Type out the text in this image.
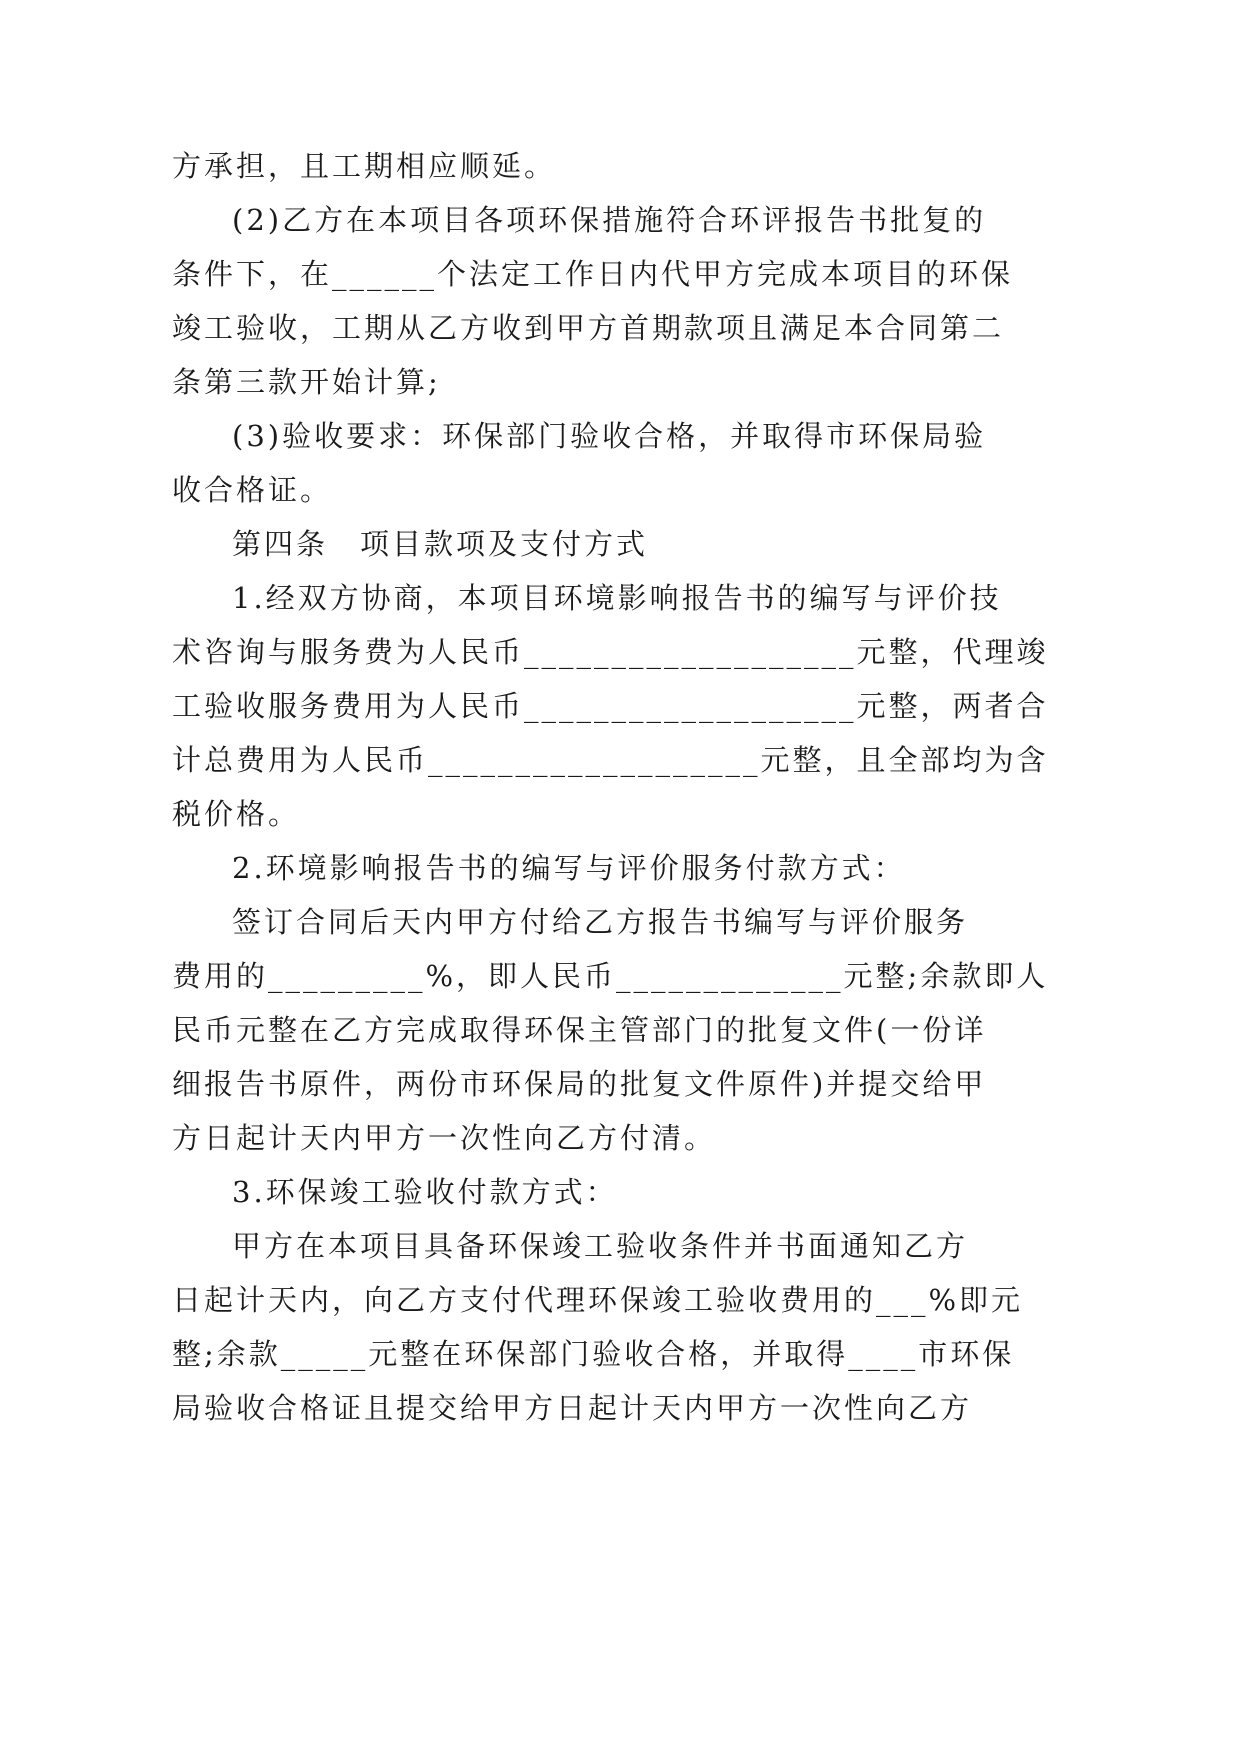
方承担，且工期相应顺延。
(2)乙方在本项目各项环保措施符合环评报告书批复的
条件下，在______个法定工作日内代甲方完成本项目的环保
竣工验收，工期从乙方收到甲方首期款项且满足本合同第二
条第三款开始计算;
(3)验收要求：环保部门验收合格，并取得市环保局验
收合格证。
第四条　项目款项及支付方式
1.经双方协商，本项目环境影响报告书的编写与评价技
术咨询与服务费为人民币___________________元整，代理竣
工验收服务费用为人民币___________________元整，两者合
计总费用为人民币___________________元整，且全部均为含
税价格。
2.环境影响报告书的编写与评价服务付款方式：
签订合同后天内甲方付给乙方报告书编写与评价服务
费用的_________%，即人民币_____________元整;余款即人
民币元整在乙方完成取得环保主管部门的批复文件(一份详
细报告书原件，两份市环保局的批复文件原件)并提交给甲
方日起计天内甲方一次性向乙方付清。
3.环保竣工验收付款方式：
甲方在本项目具备环保竣工验收条件并书面通知乙方
日起计天内，向乙方支付代理环保竣工验收费用的___%即元
整;余款_____元整在环保部门验收合格，并取得____市环保
局验收合格证且提交给甲方日起计天内甲方一次性向乙方
